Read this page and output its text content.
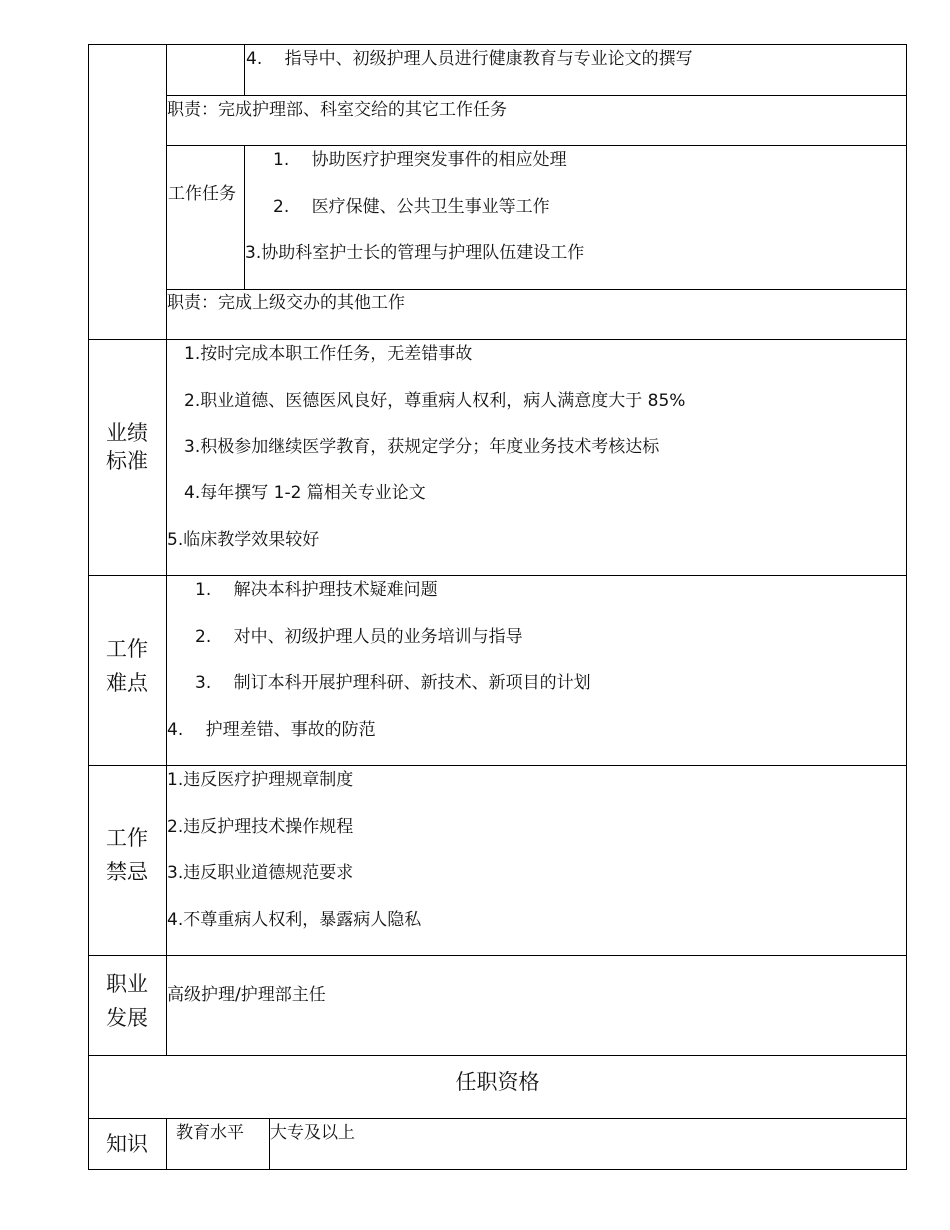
4.　 指导中、初级护理人员进行健康教育与专业论文的撰写
职责：完成护理部、科室交给的其它工作任务
工作任务
1.　 协助医疗护理突发事件的相应处理
2.　 医疗保健、公共卫生事业等工作
3.协助科室护士长的管理与护理队伍建设工作
职责：完成上级交办的其他工作
业绩标准
1.按时完成本职工作任务，无差错事故
2.职业道德、医德医风良好，尊重病人权利，病人满意度大于 85%
3.积极参加继续医学教育，获规定学分；年度业务技术考核达标
4.每年撰写 1-2 篇相关专业论文
5.临床教学效果较好
工作难点
1.　 解决本科护理技术疑难问题
2.　 对中、初级护理人员的业务培训与指导
3.　 制订本科开展护理科研、新技术、新项目的计划
4.　 护理差错、事故的防范
工作禁忌
1.违反医疗护理规章制度
2.违反护理技术操作规程
3.违反职业道德规范要求
4.不尊重病人权利，暴露病人隐私
职业发展
高级护理/护理部主任
任职资格
知识	教育水平 大专及以上
